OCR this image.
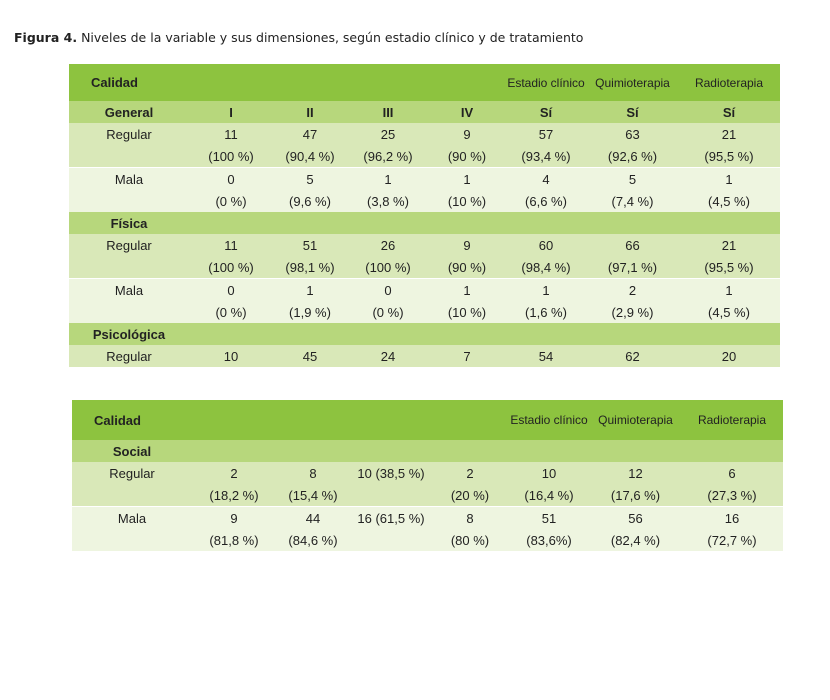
Figura 4. Niveles de la variable y sus dimensiones, según estadio clínico y de tratamiento
Calidad					Estadio clínico	Quimioterapia	Radioterapia
General	I	II	III	IV	Sí	Sí	Sí
Regular	11	47	25	9	57	63	21
	(100 %)	(90,4 %)	(96,2 %)	(90 %)	(93,4 %)	(92,6 %)	(95,5 %)

Mala	0	5	1	1	4	5	1
	(0 %)	(9,6 %)	(3,8 %)	(10 %)	(6,6 %)	(7,4 %)	(4,5 %)
Física							
Regular	11	51	26	9	60	66	21
	(100 %)	(98,1 %)	(100 %)	(90 %)	(98,4 %)	(97,1 %)	(95,5 %)

Mala	0	1	0	1	1	2	1
	(0 %)	(1,9 %)	(0 %)	(10 %)	(1,6 %)	(2,9 %)	(4,5 %)
Psicológica							
Regular	10	45	24	7	54	62	20
Calidad					Estadio clínico	Quimioterapia	Radioterapia
Social							
Regular	2	8	10 (38,5 %)	2	10	12	6
	(18,2 %)	(15,4 %)		(20 %)	(16,4 %)	(17,6 %)	(27,3 %)

Mala	9	44	16 (61,5 %)	8	51	56	16
	(81,8 %)	(84,6 %)		(80 %)	(83,6%)	(82,4 %)	(72,7 %)
